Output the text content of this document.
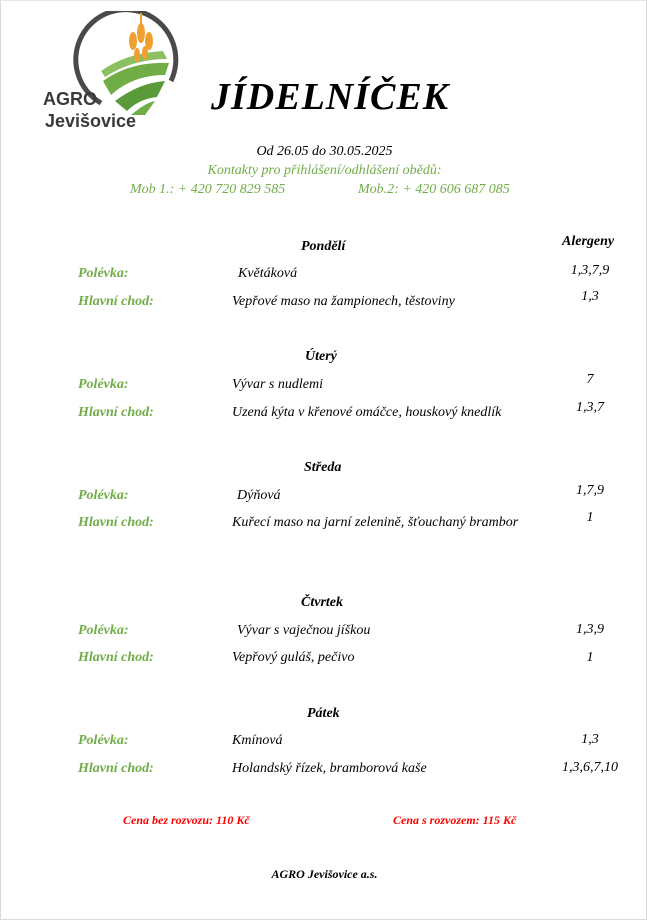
AGRO
Jevišovice
JÍDELNÍČEK
Od 26.05 do 30.05.2025
Kontakty pro přihlášení/odhlášení obědů:
Mob 1.: + 420 720 829 585	Mob.2: + 420 606 687 085
Alergeny
Pondělí
Polévka:	Květáková	1,3,7,9
Hlavní chod:	Vepřové maso na žampionech, těstoviny	1,3
Úterý
Polévka:	Vývar s nudlemi	7
Hlavní chod:	Uzená kýta v křenové omáčce, houskový knedlík	1,3,7
Středa
Polévka:	Dýňová	1,7,9
Hlavní chod:	Kuřecí maso na jarní zelenině, šťouchaný brambor	1
Čtvrtek
Polévka:	Vývar s vaječnou jíškou	1,3,9
Hlavní chod:	Vepřový guláš, pečivo	1
Pátek
Polévka:	Kmínová	1,3
Hlavní chod:	Holandský řízek, bramborová kaše	1,3,6,7,10
Cena bez rozvozu: 110 Kč	Cena s rozvozem: 115 Kč
AGRO Jevišovice a.s.
